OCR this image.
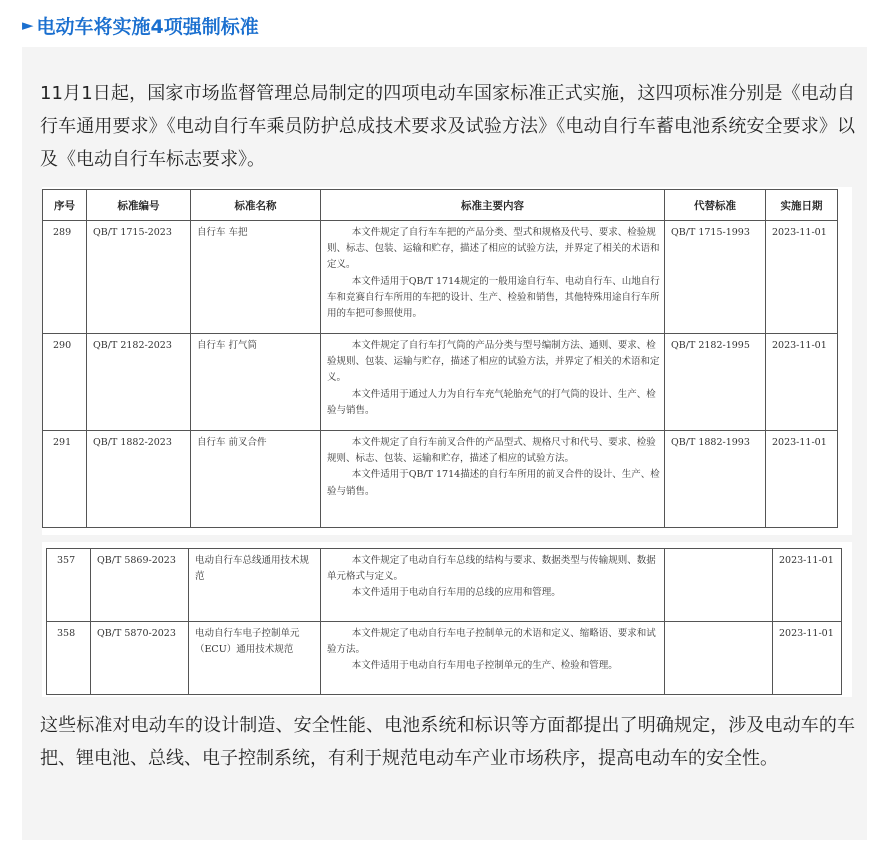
► 电动车将实施4项强制标准

11月1日起，国家市场监督管理总局制定的四项电动车国家标准正式实施，这四项标准分别是《电动自行车通用要求》《电动自行车乘员防护总成技术要求及试验方法》《电动自行车蓄电池系统安全要求》以及《电动自行车标志要求》。

序号	标准编号	标准名称	标准主要内容	代替标准	实施日期
289	QB/T 1715-2023	自行车 车把	本文件规定了自行车车把的产品分类、型式和规格及代号、要求、检验规则、标志、包装、运输和贮存，描述了相应的试验方法，并界定了相关的术语和定义。

本文件适用于QB/T 1714规定的一般用途自行车、电动自行车、山地自行车和竞赛自行车所用的车把的设计、生产、检验和销售，其他特殊用途自行车所用的车把可参照使用。	QB/T 1715-1993	2023-11-01
290	QB/T 2182-2023	自行车 打气筒	本文件规定了自行车打气筒的产品分类与型号编制方法、通则、要求、检验规则、包装、运输与贮存，描述了相应的试验方法，并界定了相关的术语和定义。

本文件适用于通过人力为自行车充气轮胎充气的打气筒的设计、生产、检验与销售。	QB/T 2182-1995	2023-11-01
291	QB/T 1882-2023	自行车 前叉合件	本文件规定了自行车前叉合件的产品型式、规格尺寸和代号、要求、检验规则、标志、包装、运输和贮存，描述了相应的试验方法。

本文件适用于QB/T 1714描述的自行车所用的前叉合件的设计、生产、检验与销售。	QB/T 1882-1993	2023-11-01
357	QB/T 5869-2023	电动自行车总线通用技术规范	本文件规定了电动自行车总线的结构与要求、数据类型与传输规则、数据单元格式与定义。

本文件适用于电动自行车用的总线的应用和管理。		2023-11-01
358	QB/T 5870-2023	电动自行车电子控制单元（ECU）通用技术规范	本文件规定了电动自行车电子控制单元的术语和定义、缩略语、要求和试验方法。

本文件适用于电动自行车用电子控制单元的生产、检验和管理。		2023-11-01

这些标准对电动车的设计制造、安全性能、电池系统和标识等方面都提出了明确规定，涉及电动车的车把、锂电池、总线、电子控制系统，有利于规范电动车产业市场秩序，提高电动车的安全性。
